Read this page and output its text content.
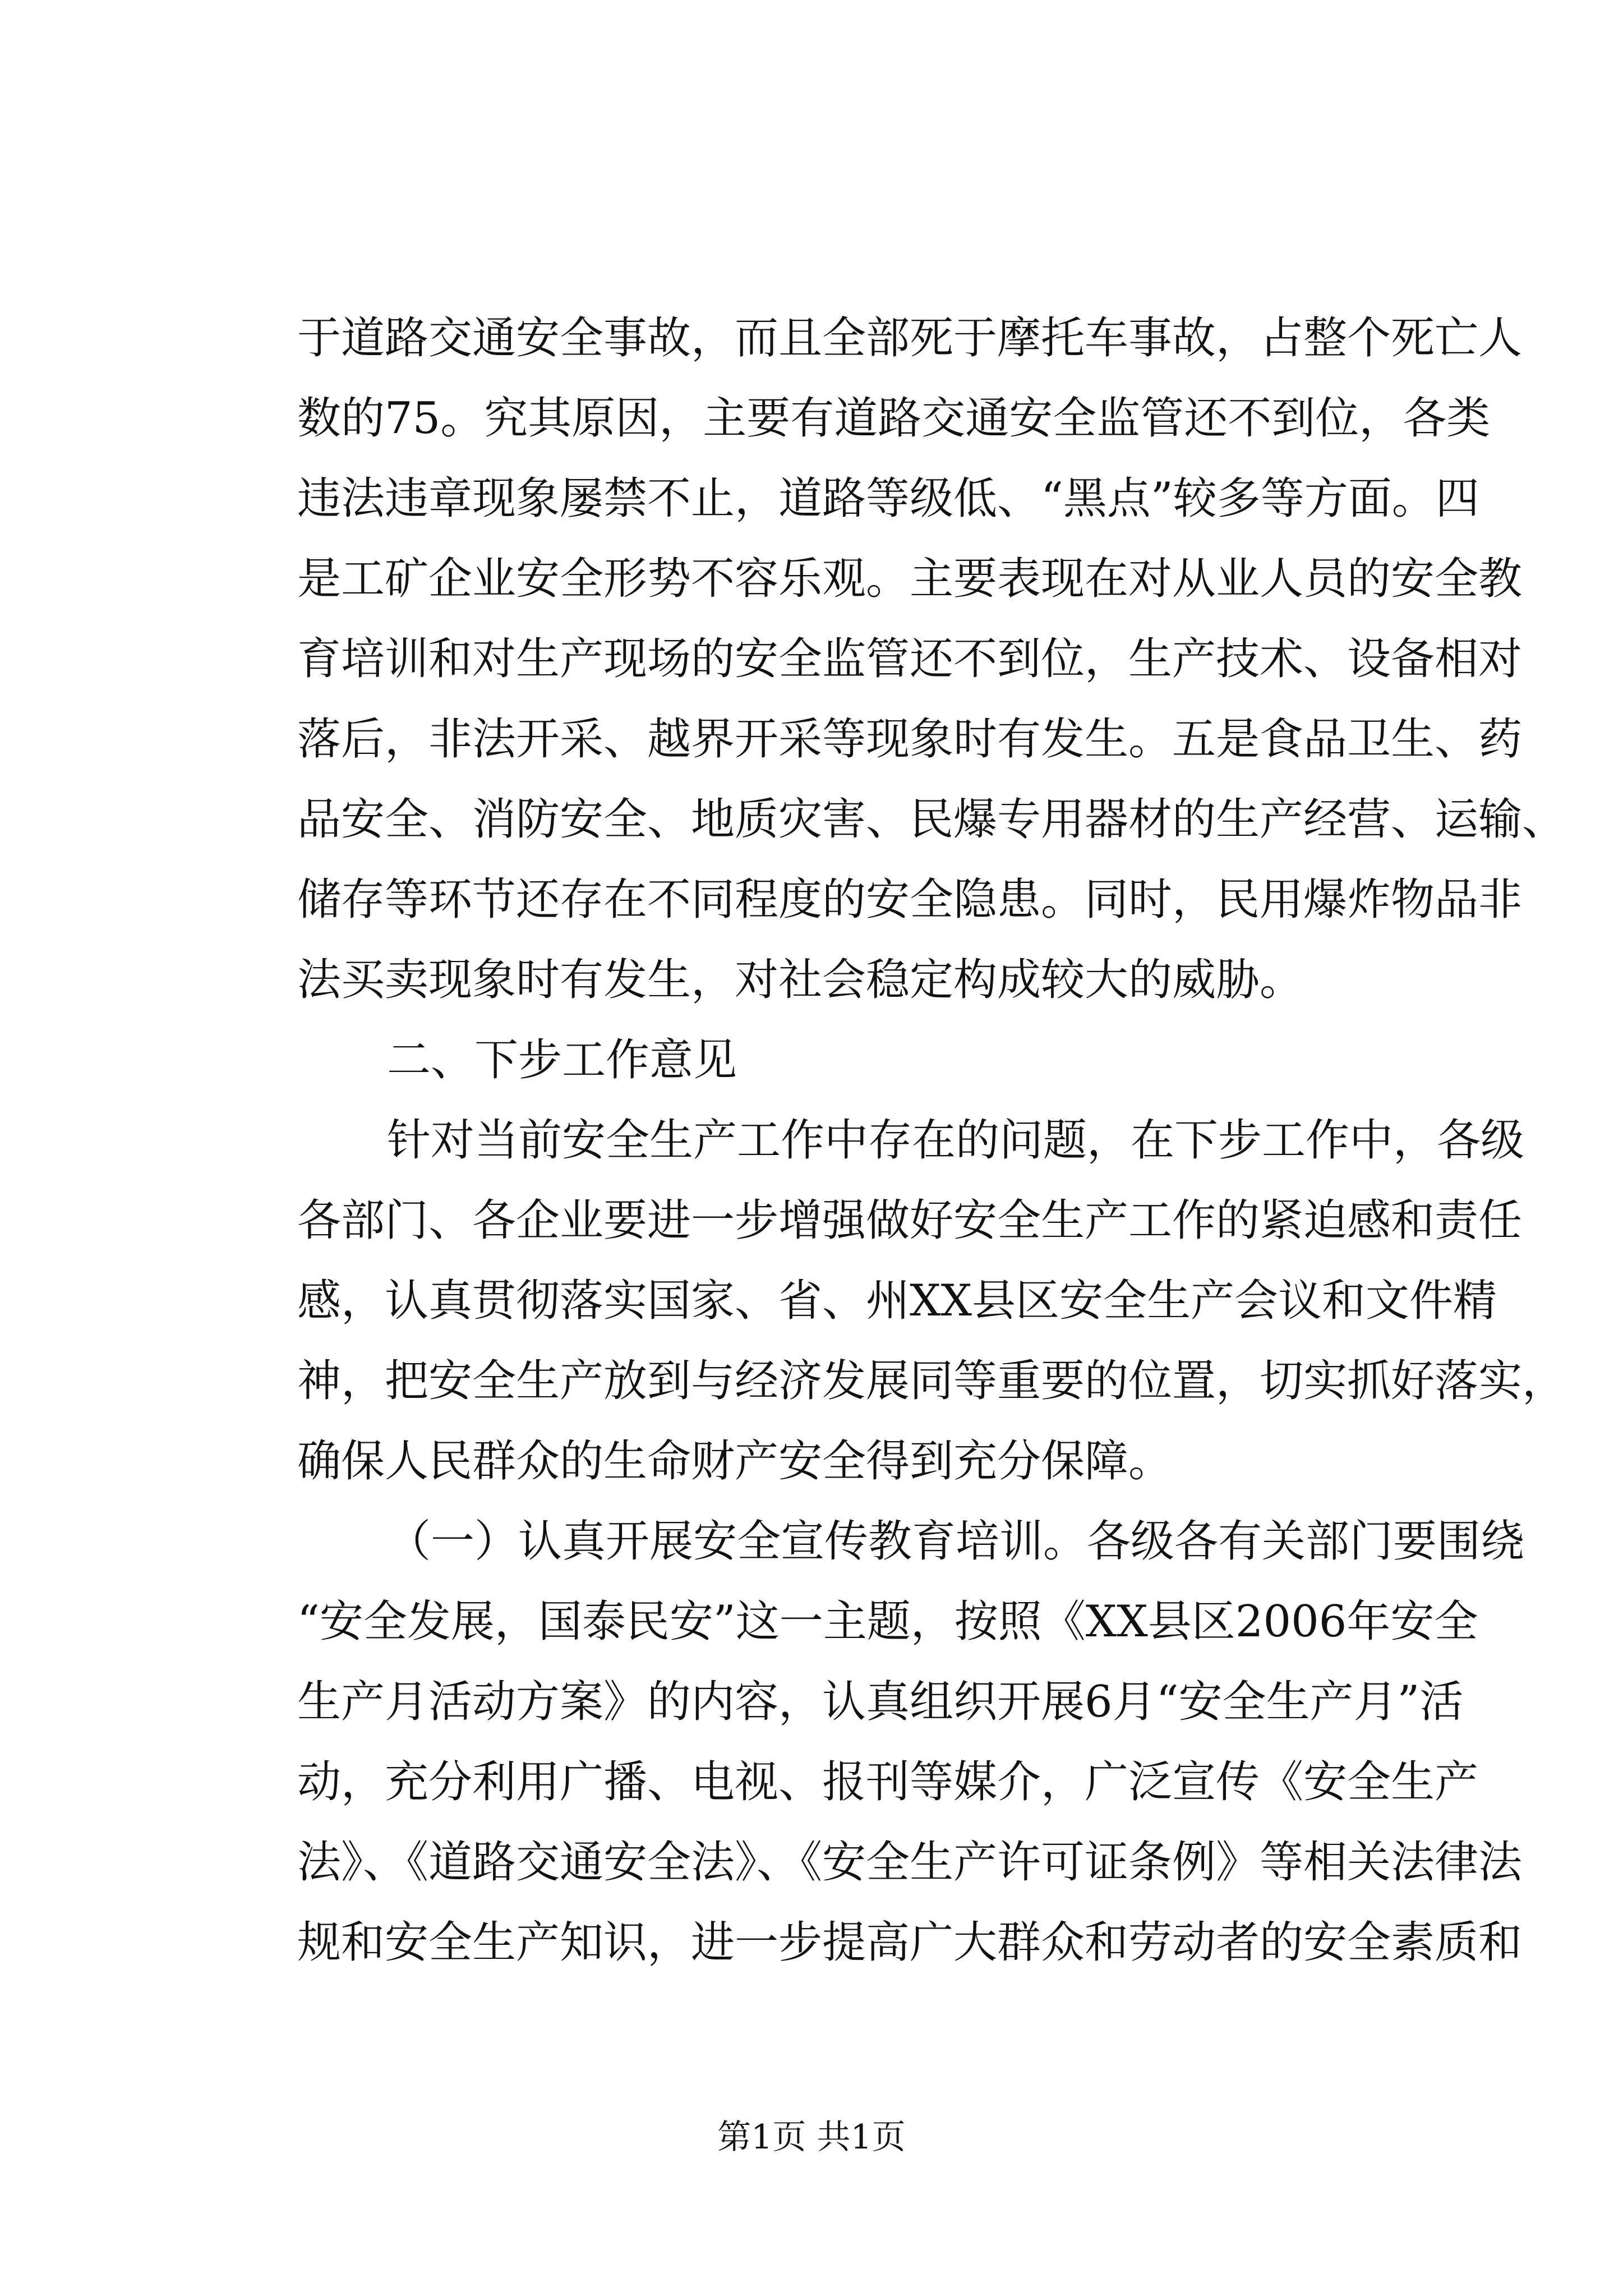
于道路交通安全事故，而且全部死于摩托车事故，占整个死亡人
数的75。究其原因，主要有道路交通安全监管还不到位，各类
违法违章现象屡禁不止，道路等级低、“黑点”较多等方面。四
是工矿企业安全形势不容乐观。主要表现在对从业人员的安全教
育培训和对生产现场的安全监管还不到位，生产技术、设备相对
落后，非法开采、越界开采等现象时有发生。五是食品卫生、药
品安全、消防安全、地质灾害、民爆专用器材的生产经营、运输、
储存等环节还存在不同程度的安全隐患。同时，民用爆炸物品非
法买卖现象时有发生，对社会稳定构成较大的威胁。
二、下步工作意见
针对当前安全生产工作中存在的问题，在下步工作中，各级
各部门、各企业要进一步增强做好安全生产工作的紧迫感和责任
感，认真贯彻落实国家、省、州XX县区安全生产会议和文件精
神，把安全生产放到与经济发展同等重要的位置，切实抓好落实，
确保人民群众的生命财产安全得到充分保障。
（一）认真开展安全宣传教育培训。各级各有关部门要围绕
“安全发展，国泰民安”这一主题，按照《XX县区2006年安全
生产月活动方案》的内容，认真组织开展6月“安全生产月”活
动，充分利用广播、电视、报刊等媒介，广泛宣传《安全生产
法》、《道路交通安全法》、《安全生产许可证条例》等相关法律法
规和安全生产知识，进一步提高广大群众和劳动者的安全素质和
第1页 共1页
